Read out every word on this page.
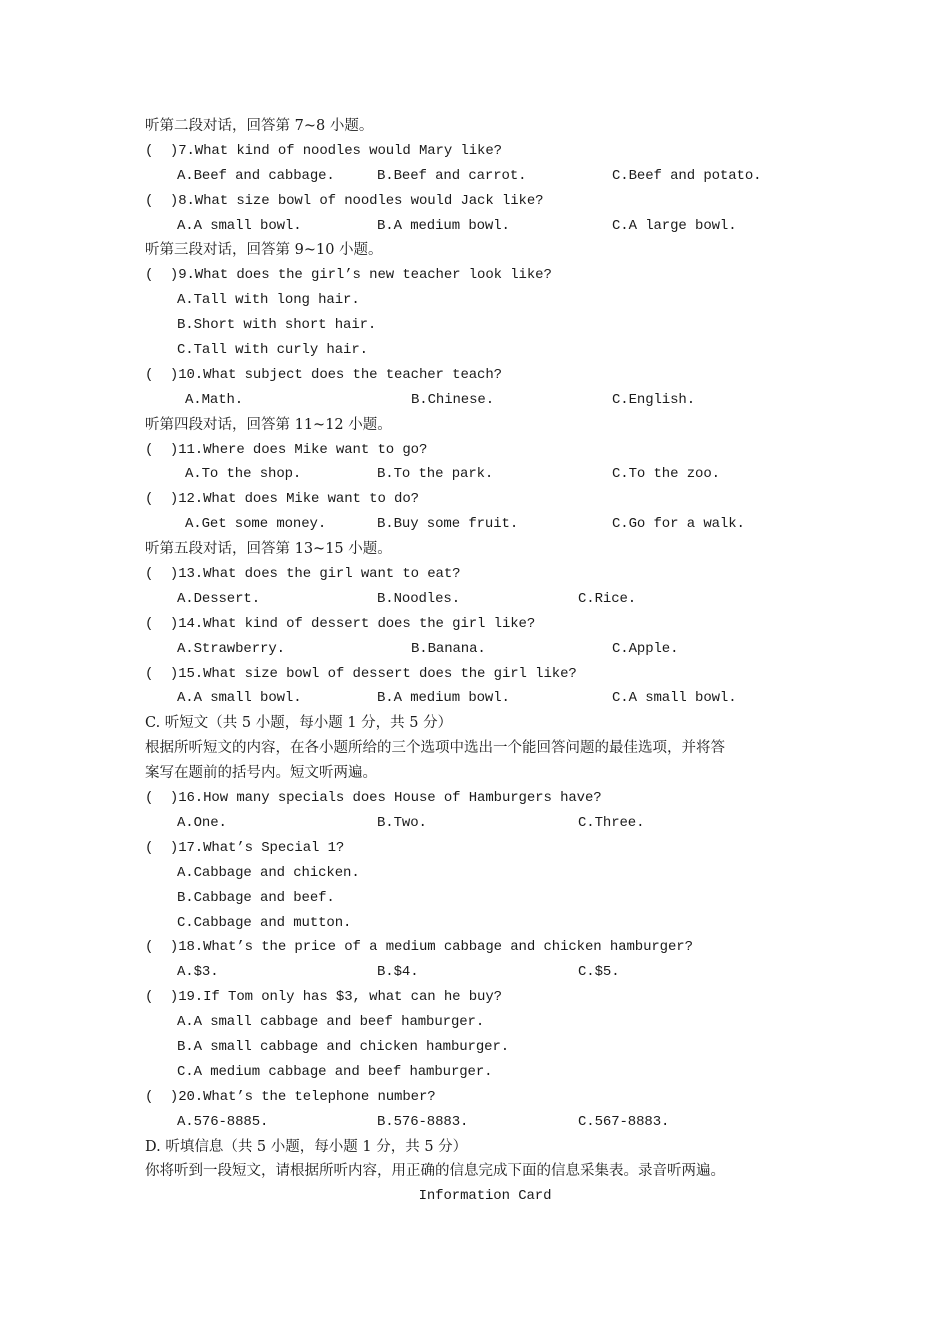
听第二段对话，回答第 7~8 小题。
(  )7.What kind of noodles would Mary like?

A.Beef and cabbage.

	B.Beef and carrot.

	C.Beef and potato.

(  )8.What size bowl of noodles would Jack like?

A.A small bowl.

	B.A medium bowl.

	C.A large bowl.

听第三段对话，回答第 9~10 小题。
(  )9.What does the girl’s new teacher look like?
A.Tall with long hair.
B.Short with short hair.
C.Tall with curly hair.
(  )10.What subject does the teacher teach?

A.Math.

	B.Chinese.

	C.English.

听第四段对话，回答第 11~12 小题。
(  )11.Where does Mike want to go?

A.To the shop.

	B.To the park.

	C.To the zoo.

(  )12.What does Mike want to do?

A.Get some money.

	B.Buy some fruit.

	C.Go for a walk.

听第五段对话，回答第 13~15 小题。
(  )13.What does the girl want to eat?

A.Dessert.

	B.Noodles.

	C.Rice.

(  )14.What kind of dessert does the girl like?

A.Strawberry.

	B.Banana.

	C.Apple.

(  )15.What size bowl of dessert does the girl like?

A.A small bowl.

	B.A medium bowl.

	C.A small bowl.

C. 听短文（共 5 小题，每小题 1 分，共 5 分）
根据所听短文的内容，在各小题所给的三个选项中选出一个能回答问题的最佳选项，并将答
案写在题前的括号内。短文听两遍。
(  )16.How many specials does House of Hamburgers have?

A.One.

	B.Two.

	C.Three.

(  )17.What’s Special 1?
A.Cabbage and chicken.
B.Cabbage and beef.
C.Cabbage and mutton.
(  )18.What’s the price of a medium cabbage and chicken hamburger?

A.$3.

	B.$4.

	C.$5.

(  )19.If Tom only has $3, what can he buy?
A.A small cabbage and beef hamburger.
B.A small cabbage and chicken hamburger.
C.A medium cabbage and beef hamburger.
(  )20.What’s the telephone number?

A.576-8885.

	B.576-8883.

	C.567-8883.

D. 听填信息（共 5 小题，每小题 1 分，共 5 分）
你将听到一段短文，请根据所听内容，用正确的信息完成下面的信息采集表。录音听两遍。
Information Card
